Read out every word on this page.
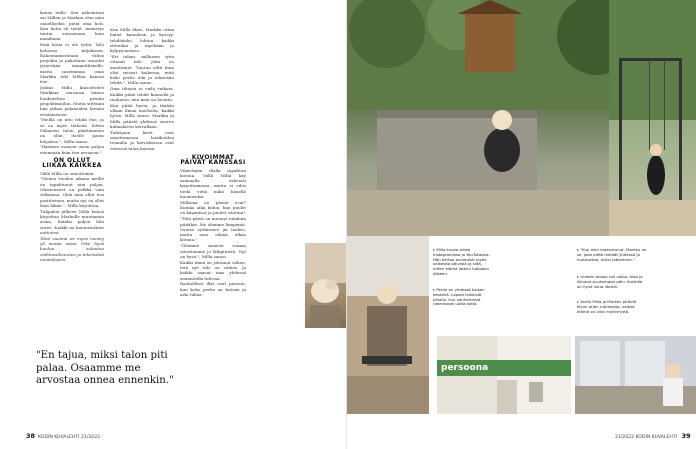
kauas tielle. Sen näkemisen sai Millan ja Markun olon aina onnelliseksi: pieni oma koti. Kun kotia oli työtä, memetys tuntui suorastaan kuin maailman.

Eniä kotia ei ole työtä. Talo kohosaa hiljakseen. Rakentamisestaan vahva projekta ja pakoltaan osuudet järjestään ammattilaisille, mutta suurimman osan Markku teki Millan kanssa itse.

Joskus Milla kiusoittelee Markkua saavansa hänen houkuteltua pieniin projektimuihin. Mutta sittemin hän jatkaa palaneiden hirsien eristämiseen.

"Meillä on into tehdä itse, ja se on myös tärkeää. Sitten Palaneen talon päättäminen on ollut itselle paras lahjoitus.", Milla sanoo.

"Ihminen osaavat usein paljon enemmän kuin itse arvaavat."

ON OLLUT LIIKAA KAIKKEA

Vällä Milla on onnettomin.

"Vienen vuoden aikana meille on tapahtunut niin paljon. Ohimenneet on pelkkä vain sellaisina. Olen aina ollut tosi positiivinen, mutta nyt on ollut ihan liikaa.", Milla kirjoittaa.

Tulipalon jälkeen Milla halusi kirjoittaa Markulle muutaman asian, kuinka paljon hän suree. Kaikki ne kannustukset auttoivat.

Tänä vuonna on myös menny yli monta asiaa. Olisi hyvä kuulua sulautua vaihtovaiheeseen ja tekemästä muutokseen.

Kun Milla itkee, Markku ottaa hänet kainaloon ja kyseyy, tehdäänkö lohtua kaikki sittenkin ja myöhään ja kylpyyoneissa.

"Eri tahan, millaisen työn ottanut talo. Joku on muuttanut. Tuntuu siltä kuin olisi seissut kaikessa, mitä koko perhe teki ja edessään tehdä.", Milla sanoo.

Oma itkusta ei vielä vaikuta. Kaikki pitää tehdä kunnolla ja rauhassa, niin kuin on luvattu.

Kun pitää hyvin, ja tänään ollaan ilman murheita, kaikki hyvin. Milla sanoo. Markku ja Milla pitävät yhdessä suuren kulmakiven kerrallaan.

Tulisijana kivet ovat sanottamassa laatikoiden reunalla ja kerroksessa ovat vieressä talon kanssa.

KIVOIMMAT PÄIVÄT KANSSASI

Vilmetnäin illalla tapahtuu kotona. Vällä Milla käy saimaalla vahvasti kirjoittamassa, mutta ei edes tiedä vielä mikä hänellä huomiseksi.

Millaisia ne päivät ovat? Kuinka aika kuluu, kun puolet on käynnissä ja puolet odottaa?

"Tätä päivä on mennyt niinkuin pitääkin. Me olemme lämpimiä. Suurin sydänsuru jäi taakse, mutta uusi elämä alkaa kotona."

"Olemme saaneet voimia toisistamme ja lähipiiristä. Nyt on hyvä.", Milla sanoo.

Kaikki tämä on johtanut siihen, että nyt talo on valmis, ja kaikki saavat taas yhdessä suunnitella tulevaa.

Rauhalliset illat ovat parasta, kun koko perhe on kotona ja arki rullaa.

"En tajua, miksi talon piti palaa. Osaamme me arvostaa onnea ennenkin."
38 KODIN KUVALEHTI 21/2022
▸ Milla kuvaa arkea Instagramissa ja YouTubessa. Hän kertoo avoimesti myös vaikeista päivistä ja siitä, miten elämä jatkuu tulipalon jälkeen.
▸ Perhe on yhdessä kaiken keskellä. Lapset leikkivät pihalla, kun vanhemmat rakentavat uutta kotia.
▸ "Kun olen masentunut, Markku on se, joka pitää meidät yhdessä ja muistuttaa, miksi jatkamme."
▸ Uuteen taloon tuli valoa, tilaa ja ikkunat puutarhaan päin. Kuistilla on hyvä istua iltaisin.
▸ Aulini Milla ja Markku pitävät kiinni arjen rutiineista, vaikka elämä on ollut myllerrystä.
persoona
21/2022 KODIN KUVALEHTI 39
